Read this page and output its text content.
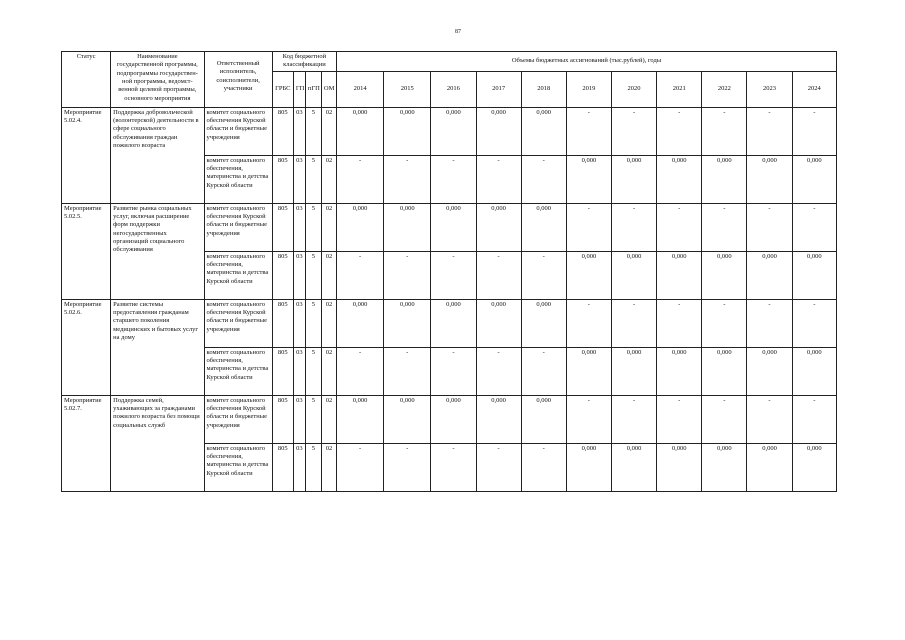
87
Статус	Наименование государственной программы, подпрограммы государствен-ной программы, ведомст-венной целевой программы, основного мероприятия	Ответственный исполнитель, соисполнители, участники	Код бюджетной классификации				Объемы бюджетных ассигнований (тыс.рублей), годы										
			ГРБС	ГП	пГП	ОМ	2014	2015	2016	2017	2018	2019	2020	2021	2022	2023	2024
Мероприятие 5.02.4.	Поддержка добровольческой (волонтерской) деятельности в сфере социального обслуживания граждан пожилого возраста	комитет социального обеспечения Курской области и бюджетные учреждения	805	03	5	02	0,000	0,000	0,000	0,000	0,000	-	-	-	-	-	-
		комитет социального обеспечения, материнства и детства Курской области	805	03	5	02	-	-	-	-	-	0,000	0,000	0,000	0,000	0,000	0,000
Мероприятие 5.02.5.	Развитие рынка социальных услуг, включая расширение форм поддержки негосударственных организаций социального обслуживания	комитет социального обеспечения Курской области и бюджетные учреждения	805	03	5	02	0,000	0,000	0,000	0,000	0,000	-	-	-	-	-	-
		комитет социального обеспечения, материнства и детства Курской области	805	03	5	02	-	-	-	-	-	0,000	0,000	0,000	0,000	0,000	0,000
Мероприятие 5.02.6.	Развитие системы предоставления гражданам старшего поколения медицинских и бытовых услуг на дому	комитет социального обеспечения Курской области и бюджетные учреждения	805	03	5	02	0,000	0,000	0,000	0,000	0,000	-	-	-	-	-	-
		комитет социального обеспечения, материнства и детства Курской области	805	03	5	02	-	-	-	-	-	0,000	0,000	0,000	0,000	0,000	0,000
Мероприятие 5.02.7.	Поддержка семей, ухаживающих за гражданами пожилого возраста без помощи социальных служб	комитет социального обеспечения Курской области и бюджетные учреждения	805	03	5	02	0,000	0,000	0,000	0,000	0,000	-	-	-	-	-	-
		комитет социального обеспечения, материнства и детства Курской области	805	03	5	02	-	-	-	-	-	0,000	0,000	0,000	0,000	0,000	0,000
